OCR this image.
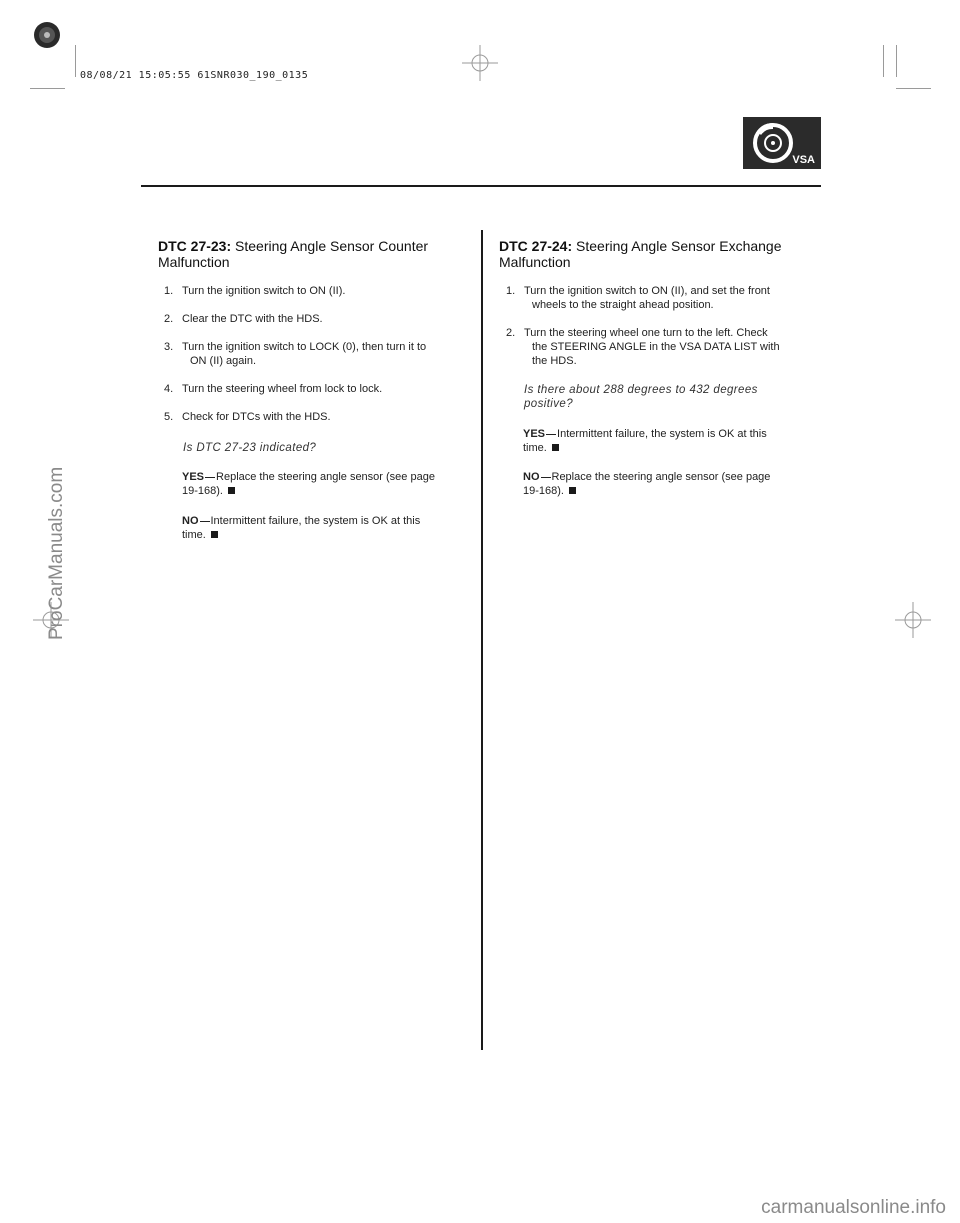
08/08/21 15:05:55 61SNR030_190_0135
VSA
DTC 27-23: Steering Angle Sensor Counter
Malfunction
1. Turn the ignition switch to ON (II).
2. Clear the DTC with the HDS.
3. Turn the ignition switch to LOCK (0), then turn it to
ON (II) again.
4. Turn the steering wheel from lock to lock.
5. Check for DTCs with the HDS.
Is DTC 27-23 indicated?
YES Replace the steering angle sensor (see page
19-168).
NO Intermittent failure, the system is OK at this
time.
DTC 27-24: Steering Angle Sensor Exchange
Malfunction
1. Turn the ignition switch to ON (II), and set the front
wheels to the straight ahead position.
2. Turn the steering wheel one turn to the left. Check
the STEERING ANGLE in the VSA DATA LIST with
the HDS.
Is there about 288 degrees to 432 degrees
positive?
YES Intermittent failure, the system is OK at this
time.
NO Replace the steering angle sensor (see page
19-168).
ProCarManuals.com
carmanualsonline.info
